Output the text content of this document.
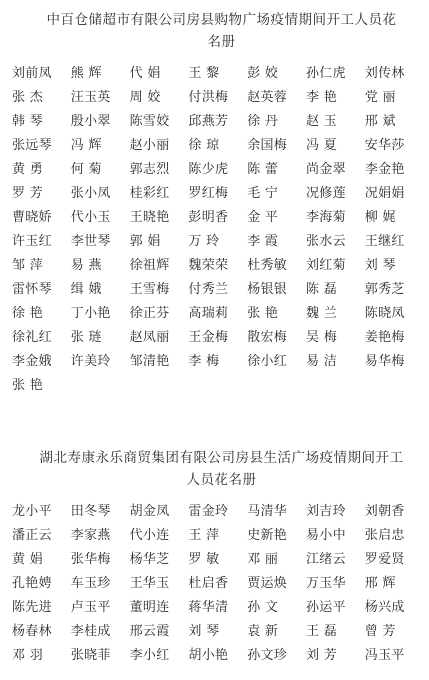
中百仓储超市有限公司房县购物广场疫情期间开工人员花名册
刘前凤	熊 辉	代 娟	王 黎	彭 姣	孙仁虎	刘传林
张 杰	汪玉英	周 姣	付洪梅	赵英蓉	李 艳	党 丽
韩 琴	殷小翠	陈雪姣	邱燕芳	徐 丹	赵 玉	邢 斌
张远琴	冯 辉	赵小丽	徐 琼	余国梅	冯 夏	安华莎
黄 勇	何 菊	郭志烈	陈少虎	陈 蕾	尚金翠	李金艳
罗 芳	张小凤	桂彩红	罗红梅	毛 宁	况修莲	况娟娟
曹晓娇	代小玉	王晓艳	彭明香	金 平	李海菊	柳 娓
许玉红	李世琴	郭 娟	万 玲	李 霞	张水云	王继红
邹 萍	易 燕	徐祖辉	魏荣荣	杜秀敏	刘红菊	刘 琴
雷怀琴	缉 娥	王雪梅	付秀兰	杨银银	陈 磊	郭秀芝
徐 艳	丁小艳	徐正芬	高瑞莉	张 艳	魏 兰	陈晓凤
徐礼红	张 琏	赵凤丽	王金梅	散宏梅	吴 梅	姜艳梅
李金娥	许美玲	邹清艳	李 梅	徐小红	易 洁	易华梅
张 艳
湖北寿康永乐商贸集团有限公司房县生活广场疫情期间开工人员花名册
龙小平	田冬琴	胡金凤	雷金玲	马清华	刘吉玲	刘朝香
潘正云	李家燕	代小连	王 萍	史新艳	易小中	张启忠
黄 娟	张华梅	杨华芝	罗 敏	邓 丽	江绪云	罗爱贤
孔艳娉	车玉珍	王华玉	杜启香	贾运焕	万玉华	邢 辉
陈先进	卢玉平	董明连	蒋华清	孙 文	孙运平	杨兴成
杨春林	李桂成	邢云霞	刘 琴	袁 新	王 磊	曾 芳
邓 羽	张晓菲	李小红	胡小艳	孙文珍	刘 芳	冯玉平
